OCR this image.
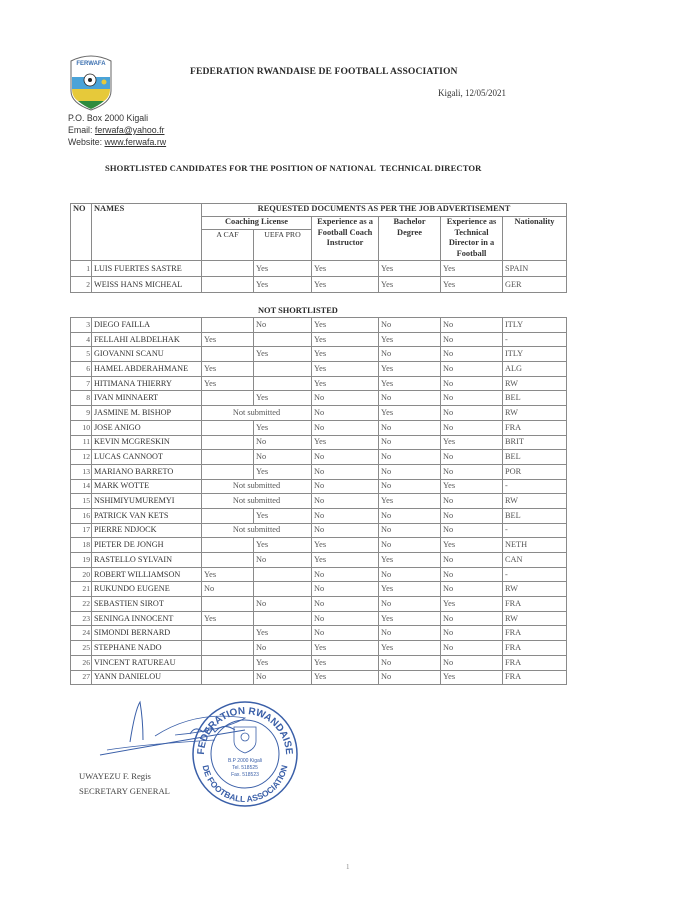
FERWAFA
FEDERATION RWANDAISE DE FOOTBALL ASSOCIATION
P.O. Box 2000 Kigali
Email: ferwafa@yahoo.fr
Website: www.ferwafa.rw
Kigali, 12/05/2021
SHORTLISTED CANDIDATES FOR THE POSITION OF NATIONAL  TECHNICAL DIRECTOR
NO	NAMES	REQUESTED DOCUMENTS AS PER THE JOB ADVERTISEMENT					
		Coaching License		Experience as a Football Coach Instructor	Bachelor Degree	Experience as Technical Director in a Football	Nationality
		A CAF	UEFA PRO				
1	LUIS FUERTES SASTRE		Yes	Yes	Yes	Yes	SPAIN
2	WEISS HANS MICHEAL		Yes	Yes	Yes	Yes	GER
NOT SHORTLISTED
3	DIEGO FAILLA		No	Yes	No	No	ITLY
4	FELLAHI ALBDELHAK	Yes		Yes	Yes	No	-
5	GIOVANNI SCANU		Yes	Yes	No	No	ITLY
6	HAMEL ABDERAHMANE	Yes		Yes	Yes	No	ALG
7	HITIMANA THIERRY	Yes		Yes	Yes	No	RW
8	IVAN MINNAERT		Yes	No	No	No	BEL
9	JASMINE M. BISHOP	Not submitted		No	Yes	No	RW
10	JOSE ANIGO		Yes	No	No	No	FRA
11	KEVIN MCGRESKIN		No	Yes	No	Yes	BRIT
12	LUCAS CANNOOT		No	No	No	No	BEL
13	MARIANO BARRETO		Yes	No	No	No	POR
14	MARK WOTTE	Not submitted		No	No	Yes	-
15	NSHIMIYUMUREMYI	Not submitted		No	Yes	No	RW
16	PATRICK VAN KETS		Yes	No	No	No	BEL
17	PIERRE NDJOCK	Not submitted		No	No	No	-
18	PIETER DE JONGH		Yes	Yes	No	Yes	NETH
19	RASTELLO SYLVAIN		No	Yes	Yes	No	CAN
20	ROBERT WILLIAMSON	Yes		No	No	No	-
21	RUKUNDO EUGENE	No		No	Yes	No	RW
22	SEBASTIEN SIROT		No	No	No	Yes	FRA
23	SENINGA INNOCENT	Yes		No	Yes	No	RW
24	SIMONDI BERNARD		Yes	No	No	No	FRA
25	STEPHANE NADO		No	Yes	Yes	No	FRA
26	VINCENT RATUREAU		Yes	Yes	No	No	FRA
27	YANN DANIELOU		No	Yes	No	Yes	FRA
FEDERATION RWANDAISE
DE FOOTBALL ASSOCIATION
B.P 2000 Kigali
Tel. 518525
Fax. 518523
UWAYEZU F. Regis
SECRETARY GENERAL
1
